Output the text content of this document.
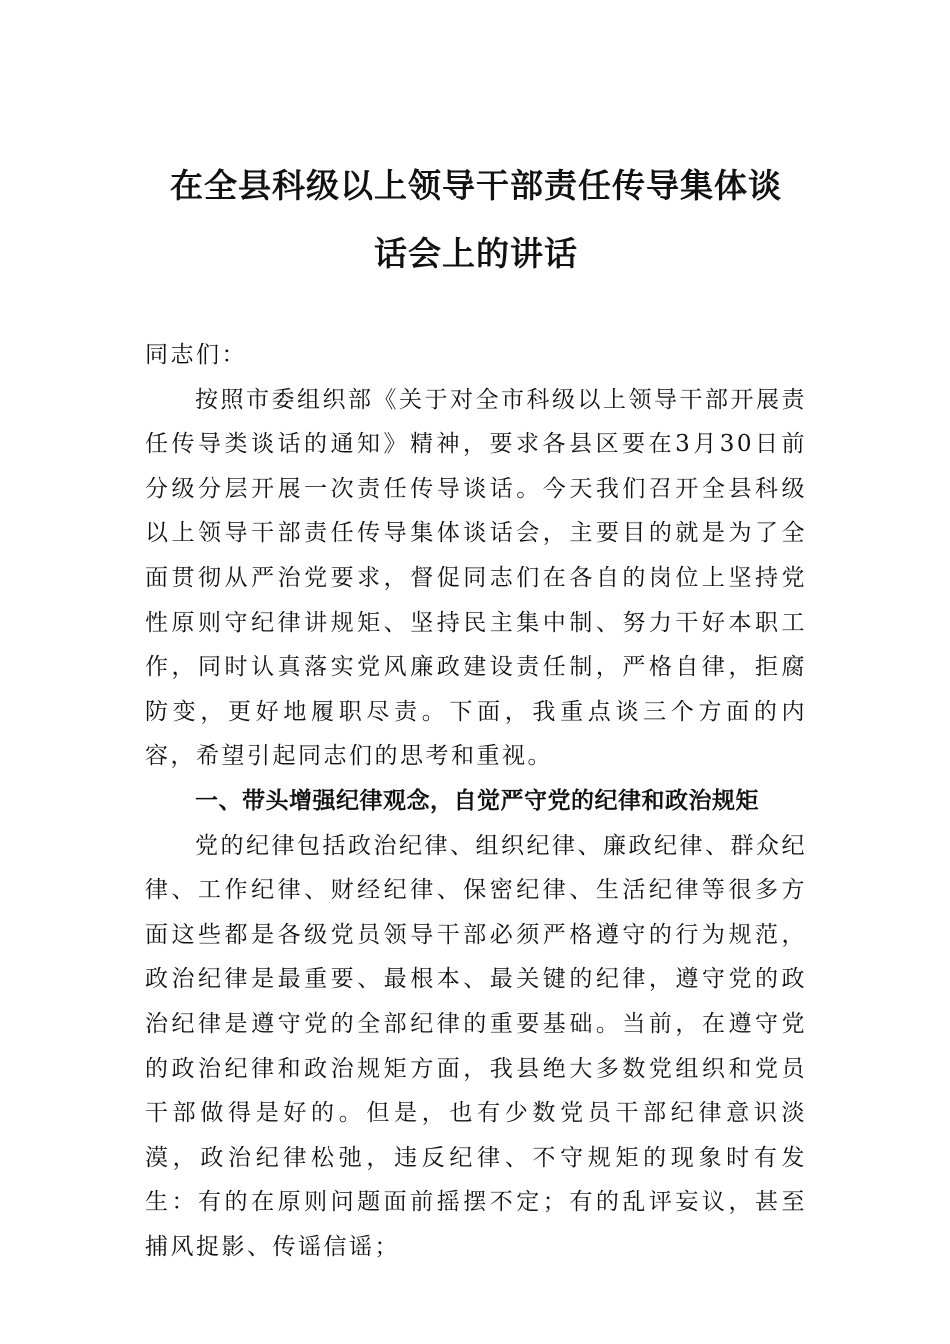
在全县科级以上领导干部责任传导集体谈
话会上的讲话

同志们：

按照市委组织部《关于对全市科级以上领导干部开展责任传导类谈话的通知》精神，要求各县区要在3月30日前分级分层开展一次责任传导谈话。今天我们召开全县科级以上领导干部责任传导集体谈话会，主要目的就是为了全面贯彻从严治党要求，督促同志们在各自的岗位上坚持党性原则守纪律讲规矩、坚持民主集中制、努力干好本职工作，同时认真落实党风廉政建设责任制，严格自律，拒腐防变，更好地履职尽责。下面，我重点谈三个方面的内容，希望引起同志们的思考和重视。

一、带头增强纪律观念，自觉严守党的纪律和政治规矩

党的纪律包括政治纪律、组织纪律、廉政纪律、群众纪律、工作纪律、财经纪律、保密纪律、生活纪律等很多方面这些都是各级党员领导干部必须严格遵守的行为规范，政治纪律是最重要、最根本、最关键的纪律，遵守党的政治纪律是遵守党的全部纪律的重要基础。当前，在遵守党的政治纪律和政治规矩方面，我县绝大多数党组织和党员干部做得是好的。但是，也有少数党员干部纪律意识淡漠，政治纪律松弛，违反纪律、不守规矩的现象时有发生：有的在原则问题面前摇摆不定；有的乱评妄议，甚至捕风捉影、传谣信谣；
